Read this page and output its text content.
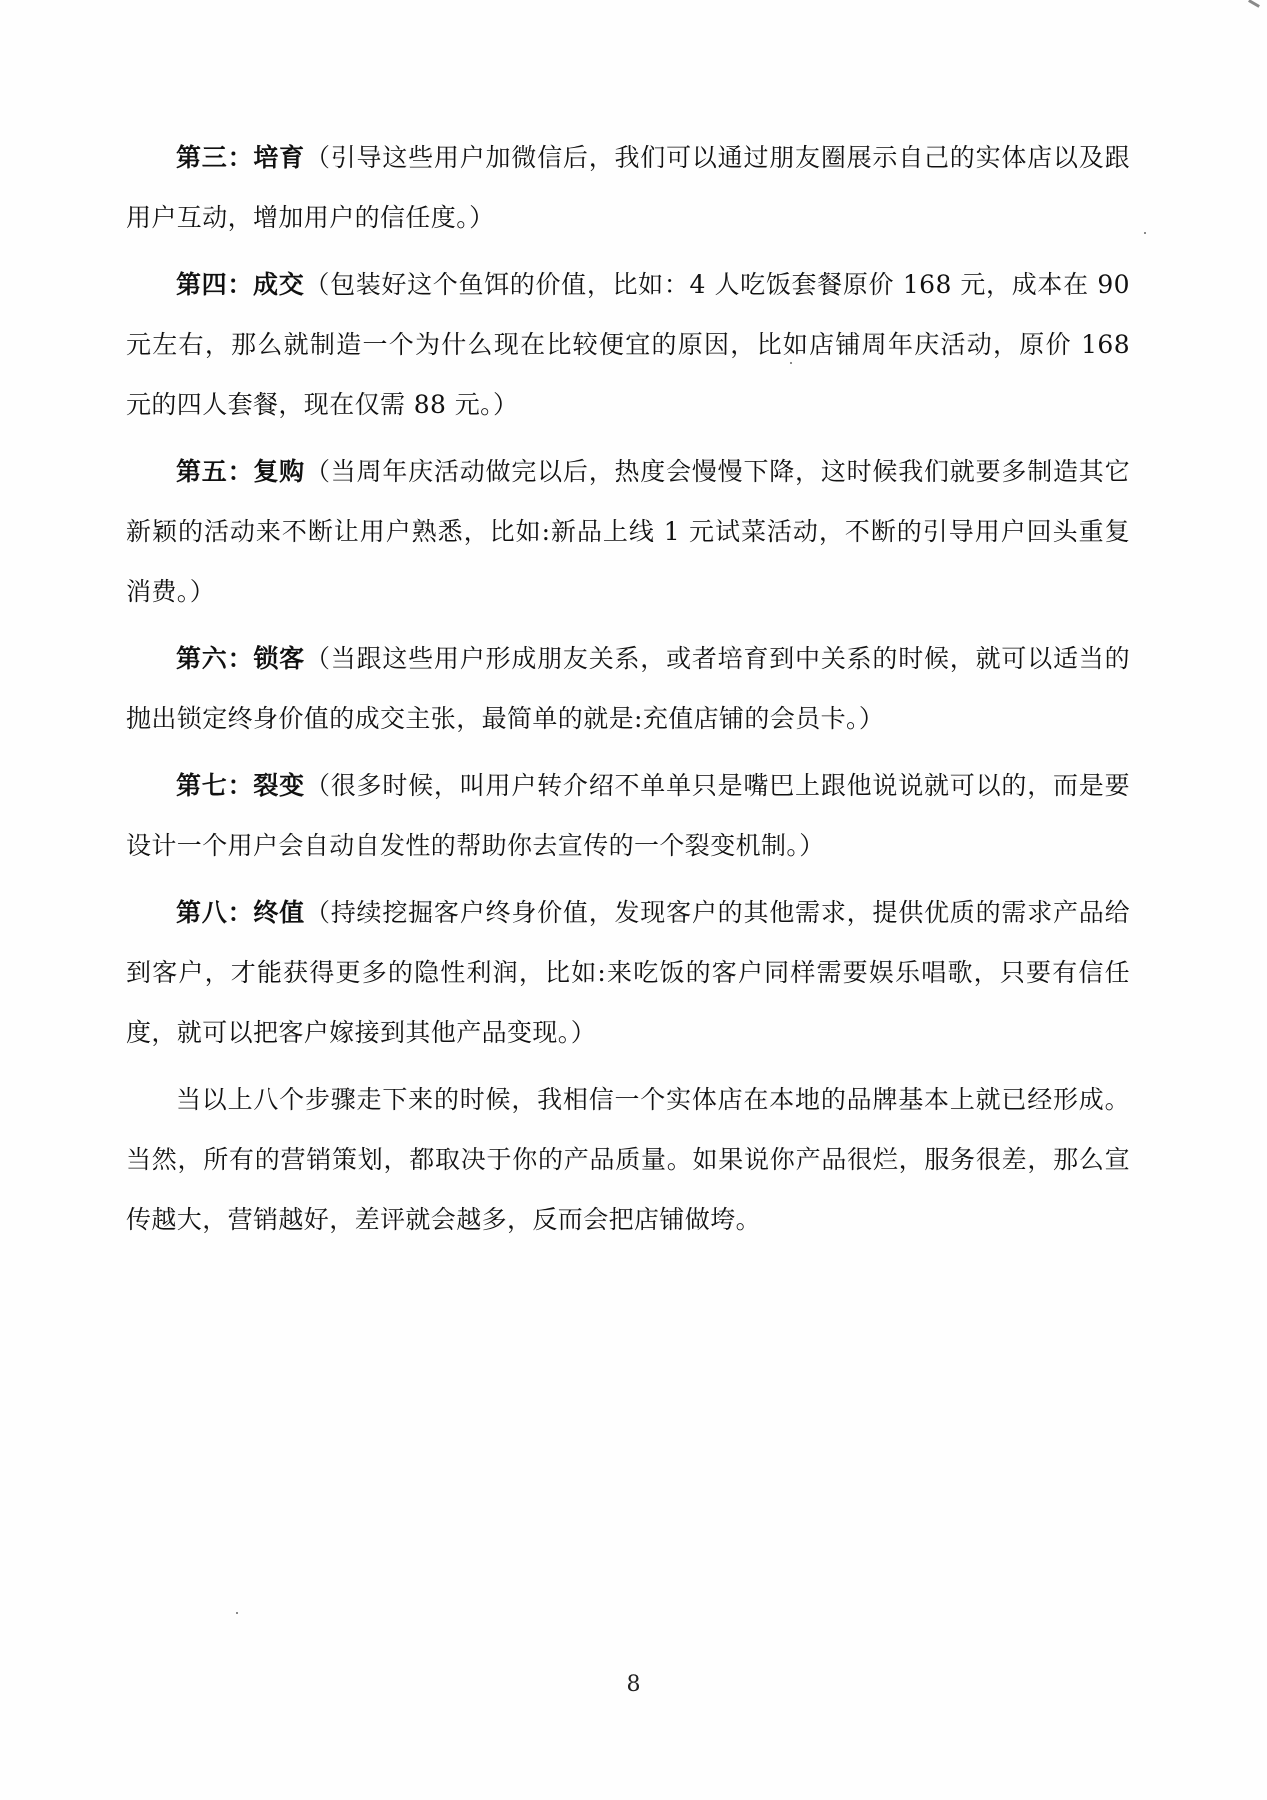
第三：培育（引导这些用户加微信后，我们可以通过朋友圈展示自己的实体店以及跟用户互动，增加用户的信任度。）

第四：成交（包装好这个鱼饵的价值，比如：4 人吃饭套餐原价 168 元，成本在 90 元左右，那么就制造一个为什么现在比较便宜的原因，比如店铺周年庆活动，原价 168 元的四人套餐，现在仅需 88 元。）

第五：复购（当周年庆活动做完以后，热度会慢慢下降，这时候我们就要多制造其它新颖的活动来不断让用户熟悉，比如:新品上线 1 元试菜活动，不断的引导用户回头重复消费。）

第六：锁客（当跟这些用户形成朋友关系，或者培育到中关系的时候，就可以适当的抛出锁定终身价值的成交主张，最简单的就是:充值店铺的会员卡。）

第七：裂变（很多时候，叫用户转介绍不单单只是嘴巴上跟他说说就可以的，而是要设计一个用户会自动自发性的帮助你去宣传的一个裂变机制。）

第八：终值（持续挖掘客户终身价值，发现客户的其他需求，提供优质的需求产品给到客户，才能获得更多的隐性利润，比如:来吃饭的客户同样需要娱乐唱歌，只要有信任度，就可以把客户嫁接到其他产品变现。）

当以上八个步骤走下来的时候，我相信一个实体店在本地的品牌基本上就已经形成。当然，所有的营销策划，都取决于你的产品质量。如果说你产品很烂，服务很差，那么宣传越大，营销越好，差评就会越多，反而会把店铺做垮。

8
